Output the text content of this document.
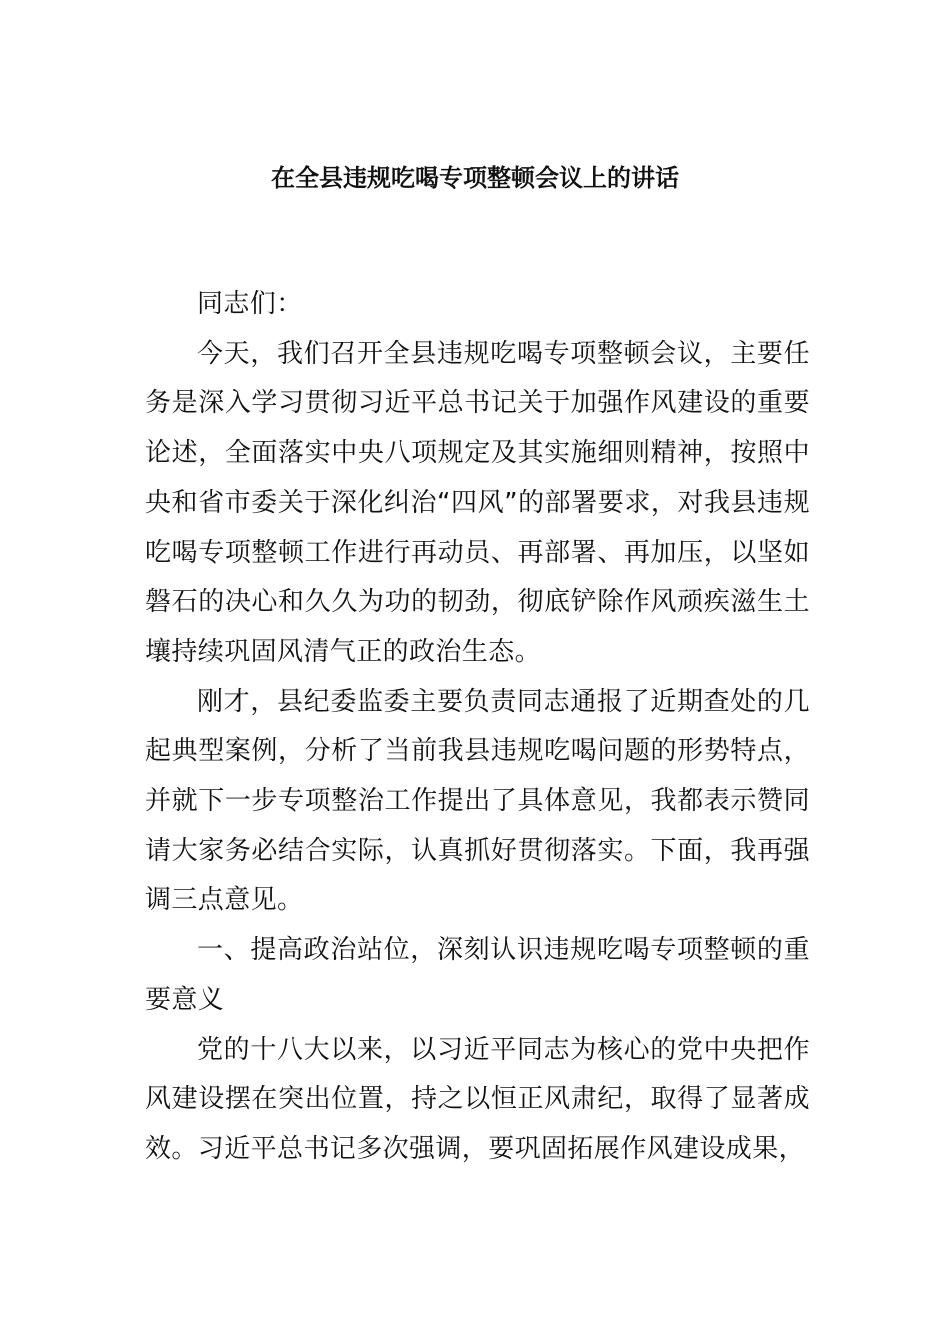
在全县违规吃喝专项整顿会议上的讲话

同志们：

今天，我们召开全县违规吃喝专项整顿会议，主要任务是深入学习贯彻习近平总书记关于加强作风建设的重要论述，全面落实中央八项规定及其实施细则精神，按照中央和省市委关于深化纠治“四风”的部署要求，对我县违规吃喝专项整顿工作进行再动员、再部署、再加压，以坚如磐石的决心和久久为功的韧劲，彻底铲除作风顽疾滋生土壤持续巩固风清气正的政治生态。

刚才，县纪委监委主要负责同志通报了近期查处的几起典型案例，分析了当前我县违规吃喝问题的形势特点，并就下一步专项整治工作提出了具体意见，我都表示赞同请大家务必结合实际，认真抓好贯彻落实。下面，我再强调三点意见。

一、提高政治站位，深刻认识违规吃喝专项整顿的重要意义

党的十八大以来，以习近平同志为核心的党中央把作风建设摆在突出位置，持之以恒正风肃纪，取得了显著成效。习近平总书记多次强调，要巩固拓展作风建设成果，
